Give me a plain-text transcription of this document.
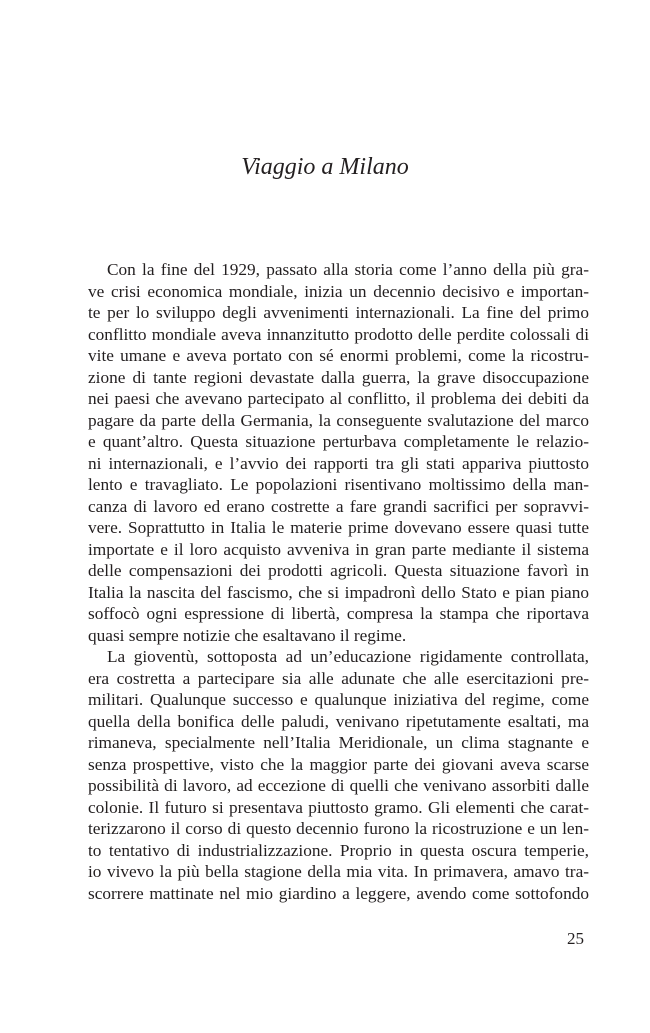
Viaggio a Milano
Con la fine del 1929, passato alla storia come l’anno della più gra-
ve crisi economica mondiale, inizia un decennio decisivo e importan-
te per lo sviluppo degli avvenimenti internazionali. La fine del primo
conflitto mondiale aveva innanzitutto prodotto delle perdite colossali di
vite umane e aveva portato con sé enormi problemi, come la ricostru-
zione di tante regioni devastate dalla guerra, la grave disoccupazione
nei paesi che avevano partecipato al conflitto, il problema dei debiti da
pagare da parte della Germania, la conseguente svalutazione del marco
e quant’altro. Questa situazione perturbava completamente le relazio-
ni internazionali, e l’avvio dei rapporti tra gli stati appariva piuttosto
lento e travagliato. Le popolazioni risentivano moltissimo della man-
canza di lavoro ed erano costrette a fare grandi sacrifici per sopravvi-
vere. Soprattutto in Italia le materie prime dovevano essere quasi tutte
importate e il loro acquisto avveniva in gran parte mediante il sistema
delle compensazioni dei prodotti agricoli. Questa situazione favorì in
Italia la nascita del fascismo, che si impadronì dello Stato e pian piano
soffocò ogni espressione di libertà, compresa la stampa che riportava
quasi sempre notizie che esaltavano il regime.
La gioventù, sottoposta ad un’educazione rigidamente controllata,
era costretta a partecipare sia alle adunate che alle esercitazioni pre-
militari. Qualunque successo e qualunque iniziativa del regime, come
quella della bonifica delle paludi, venivano ripetutamente esaltati, ma
rimaneva, specialmente nell’Italia Meridionale, un clima stagnante e
senza prospettive, visto che la maggior parte dei giovani aveva scarse
possibilità di lavoro, ad eccezione di quelli che venivano assorbiti dalle
colonie. Il futuro si presentava piuttosto gramo. Gli elementi che carat-
terizzarono il corso di questo decennio furono la ricostruzione e un len-
to tentativo di industrializzazione. Proprio in questa oscura temperie,
io vivevo la più bella stagione della mia vita. In primavera, amavo tra-
scorrere mattinate nel mio giardino a leggere, avendo come sottofondo
25
